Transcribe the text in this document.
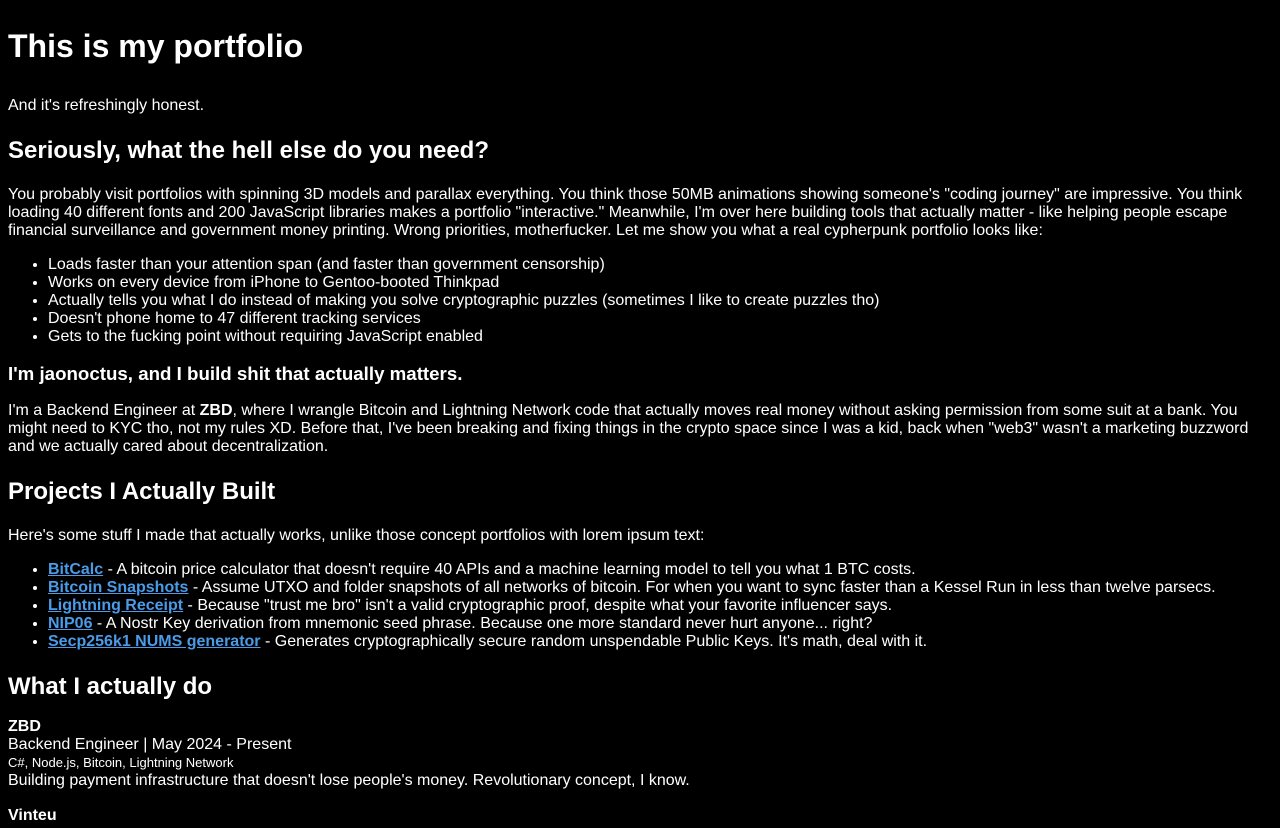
This is my portfolio

And it's refreshingly honest.

Seriously, what the hell else do you need?

You probably visit portfolios with spinning 3D models and parallax everything. You think those 50MB animations showing someone's "coding journey" are impressive. You think loading 40 different fonts and 200 JavaScript libraries makes a portfolio "interactive." Meanwhile, I'm over here building tools that actually matter - like helping people escape financial surveillance and government money printing. Wrong priorities, motherfucker. Let me show you what a real cypherpunk portfolio looks like:

• Loads faster than your attention span (and faster than government censorship)
• Works on every device from iPhone to Gentoo-booted Thinkpad
• Actually tells you what I do instead of making you solve cryptographic puzzles (sometimes I like to create puzzles tho)
• Doesn't phone home to 47 different tracking services
• Gets to the fucking point without requiring JavaScript enabled
I'm jaonoctus, and I build shit that actually matters.

I'm a Backend Engineer at ZBD, where I wrangle Bitcoin and Lightning Network code that actually moves real money without asking permission from some suit at a bank. You might need to KYC tho, not my rules XD. Before that, I've been breaking and fixing things in the crypto space since I was a kid, back when "web3" wasn't a marketing buzzword and we actually cared about decentralization.

Projects I Actually Built

Here's some stuff I made that actually works, unlike those concept portfolios with lorem ipsum text:

• BitCalc - A bitcoin price calculator that doesn't require 40 APIs and a machine learning model to tell you what 1 BTC costs.
• Bitcoin Snapshots - Assume UTXO and folder snapshots of all networks of bitcoin. For when you want to sync faster than a Kessel Run in less than twelve parsecs.
• Lightning Receipt - Because "trust me bro" isn't a valid cryptographic proof, despite what your favorite influencer says.
• NIP06 - A Nostr Key derivation from mnemonic seed phrase. Because one more standard never hurt anyone... right?
• Secp256k1 NUMS generator - Generates cryptographically secure random unspendable Public Keys. It's math, deal with it.
What I actually do
ZBD
Backend Engineer | May 2024 - Present
C#, Node.js, Bitcoin, Lightning Network
Building payment infrastructure that doesn't lose people's money. Revolutionary concept, I know.
Vinteu
